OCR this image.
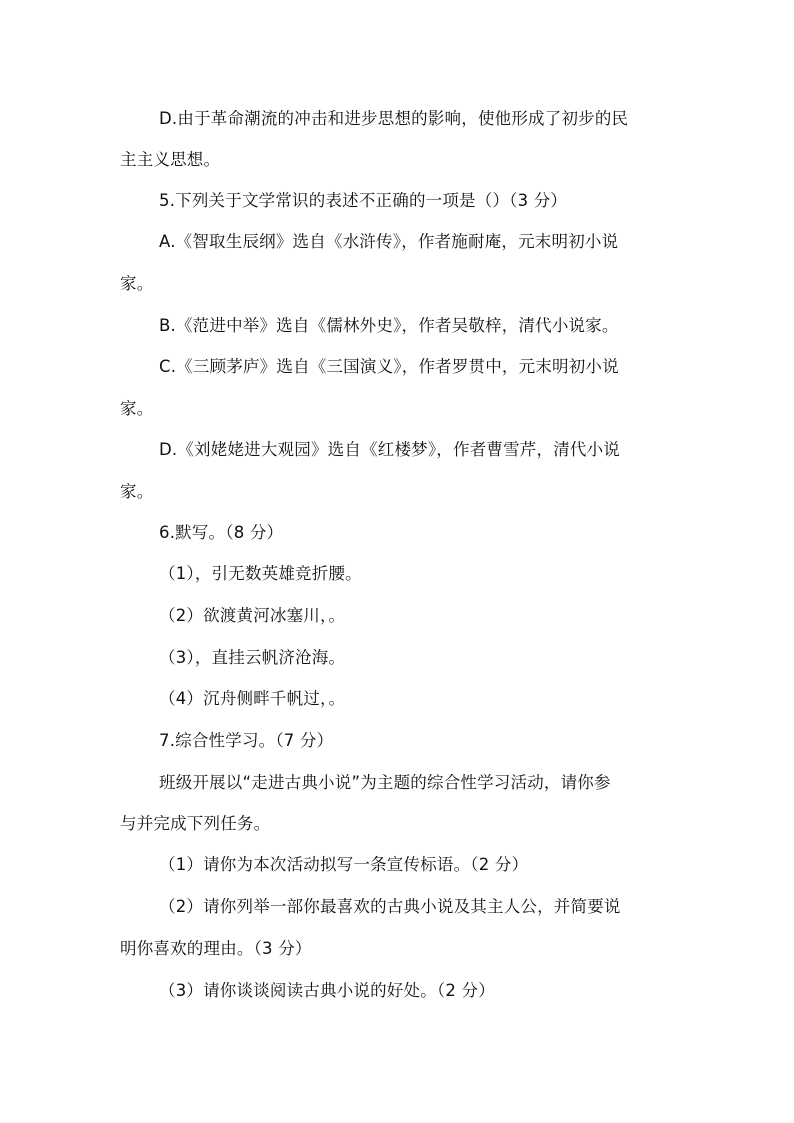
D.由于革命潮流的冲击和进步思想的影响，使他形成了初步的民
主主义思想。
5.下列关于文学常识的表述不正确的一项是（）（3 分）
A.《智取生辰纲》选自《水浒传》，作者施耐庵，元末明初小说
家。
B.《范进中举》选自《儒林外史》，作者吴敬梓，清代小说家。
C.《三顾茅庐》选自《三国演义》，作者罗贯中，元末明初小说
家。
D.《刘姥姥进大观园》选自《红楼梦》，作者曹雪芹，清代小说
家。
6.默写。（8 分）
（1），引无数英雄竞折腰。
（2）欲渡黄河冰塞川，。
（3），直挂云帆济沧海。
（4）沉舟侧畔千帆过，。
7.综合性学习。（7 分）
班级开展以“走进古典小说”为主题的综合性学习活动，请你参
与并完成下列任务。
（1）请你为本次活动拟写一条宣传标语。（2 分）
（2）请你列举一部你最喜欢的古典小说及其主人公，并简要说
明你喜欢的理由。（3 分）
（3）请你谈谈阅读古典小说的好处。（2 分）
